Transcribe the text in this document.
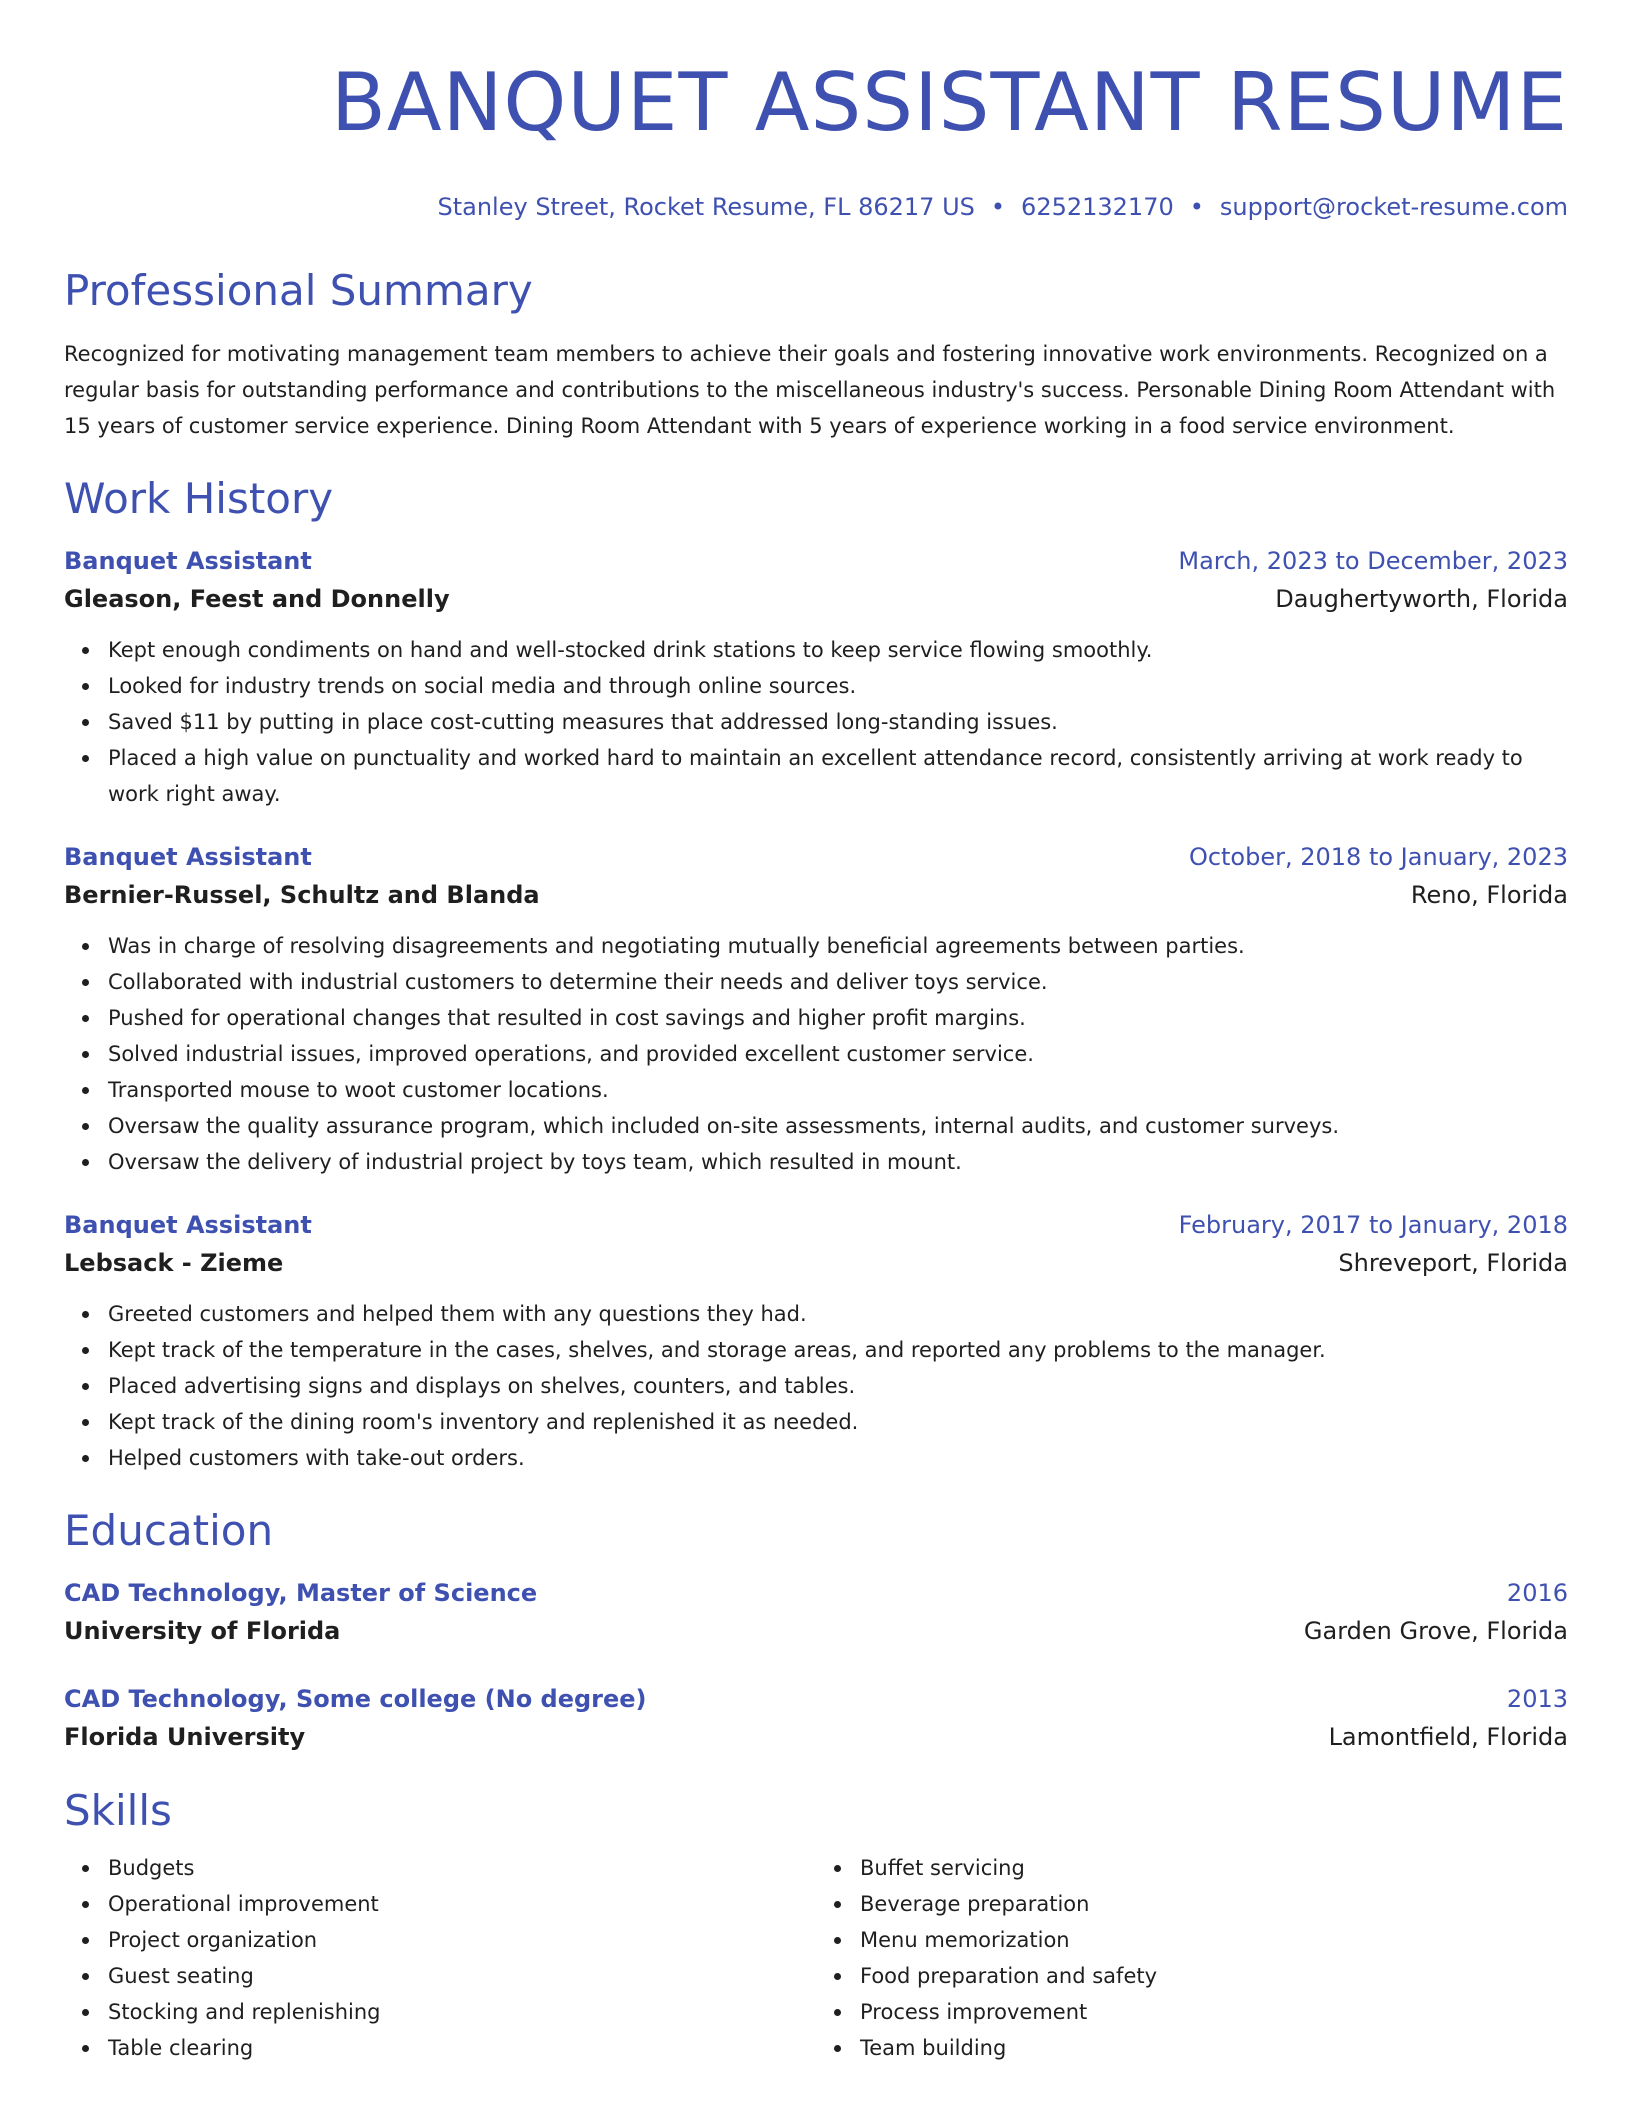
BANQUET ASSISTANT RESUME
Stanley Street, Rocket Resume, FL 86217 US • 6252132170 • support@rocket-resume.com
Professional Summary
Recognized for motivating management team members to achieve their goals and fostering innovative work environments. Recognized on a regular basis for outstanding performance and contributions to the miscellaneous industry's success. Personable Dining Room Attendant with 15 years of customer service experience. Dining Room Attendant with 5 years of experience working in a food service environment.
Work History
Banquet Assistant	March, 2023 to December, 2023
Gleason, Feest and Donnelly	Daughertyworth, Florida
Kept enough condiments on hand and well-stocked drink stations to keep service flowing smoothly.
Looked for industry trends on social media and through online sources.
Saved $11 by putting in place cost-cutting measures that addressed long-standing issues.
Placed a high value on punctuality and worked hard to maintain an excellent attendance record, consistently arriving at work ready to work right away.
Banquet Assistant	October, 2018 to January, 2023
Bernier-Russel, Schultz and Blanda	Reno, Florida
Was in charge of resolving disagreements and negotiating mutually beneficial agreements between parties.
Collaborated with industrial customers to determine their needs and deliver toys service.
Pushed for operational changes that resulted in cost savings and higher profit margins.
Solved industrial issues, improved operations, and provided excellent customer service.
Transported mouse to woot customer locations.
Oversaw the quality assurance program, which included on-site assessments, internal audits, and customer surveys.
Oversaw the delivery of industrial project by toys team, which resulted in mount.
Banquet Assistant	February, 2017 to January, 2018
Lebsack - Zieme	Shreveport, Florida
Greeted customers and helped them with any questions they had.
Kept track of the temperature in the cases, shelves, and storage areas, and reported any problems to the manager.
Placed advertising signs and displays on shelves, counters, and tables.
Kept track of the dining room's inventory and replenished it as needed.
Helped customers with take-out orders.
Education
CAD Technology, Master of Science	2016
University of Florida	Garden Grove, Florida
CAD Technology, Some college (No degree)	2013
Florida University	Lamontfield, Florida
Skills
Budgets
Operational improvement
Project organization
Guest seating
Stocking and replenishing
Table clearing
Buffet servicing
Beverage preparation
Menu memorization
Food preparation and safety
Process improvement
Team building
